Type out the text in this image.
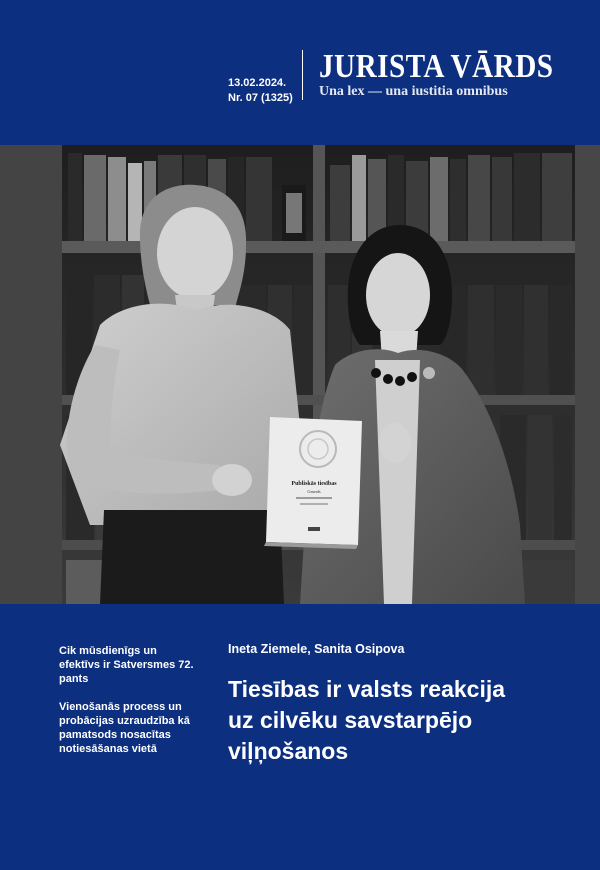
13.02.2024.
Nr. 07 (1325)
JURISTA VĀRDS
Una lex — una iustitia omnibus
Publiskās tiesības
Grunds

Cik mūsdienīgs un efektīvs ir Satversmes 72. pants

Vienošanās process un probācijas uzraudzība kā pamatsods nosacītas notiesāšanas vietā

Ineta Ziemele, Sanita Osipova
Tiesības ir valsts reakcija
uz cilvēku savstarpējo
viļņošanos
